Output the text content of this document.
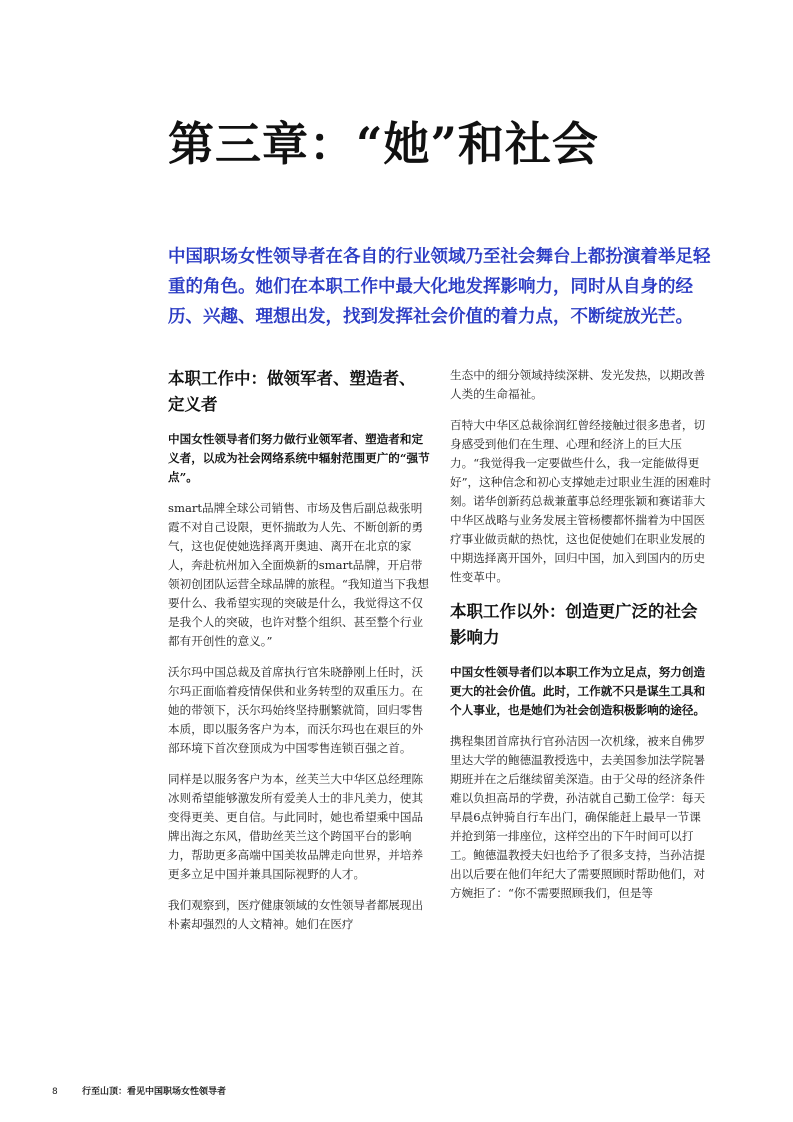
第三章：“她”和社会

中国职场女性领导者在各自的行业领域乃至社会舞台上都扮演着举足轻重的角色。她们在本职工作中最大化地发挥影响力，同时从自身的经历、兴趣、理想出发，找到发挥社会价值的着力点，不断绽放光芒。

本职工作中：做领军者、塑造者、定义者

中国女性领导者们努力做行业领军者、塑造者和定义者，以成为社会网络系统中辐射范围更广的“强节点”。

smart品牌全球公司销售、市场及售后副总裁张明霞不对自己设限，更怀揣敢为人先、不断创新的勇气，这也促使她选择离开奥迪、离开在北京的家人，奔赴杭州加入全面焕新的smart品牌，开启带领初创团队运营全球品牌的旅程。“我知道当下我想要什么、我希望实现的突破是什么，我觉得这不仅是我个人的突破，也许对整个组织、甚至整个行业都有开创性的意义。”

沃尔玛中国总裁及首席执行官朱晓静刚上任时，沃尔玛正面临着疫情保供和业务转型的双重压力。在她的带领下，沃尔玛始终坚持删繁就简，回归零售本质，即以服务客户为本，而沃尔玛也在艰巨的外部环境下首次登顶成为中国零售连锁百强之首。

同样是以服务客户为本，丝芙兰大中华区总经理陈冰则希望能够激发所有爱美人士的非凡美力，使其变得更美、更自信。与此同时，她也希望乘中国品牌出海之东风，借助丝芙兰这个跨国平台的影响力，帮助更多高端中国美妆品牌走向世界，并培养更多立足中国并兼具国际视野的人才。

我们观察到，医疗健康领域的女性领导者都展现出朴素却强烈的人文精神。她们在医疗

生态中的细分领域持续深耕、发光发热，以期改善人类的生命福祉。

百特大中华区总裁徐润红曾经接触过很多患者，切身感受到他们在生理、心理和经济上的巨大压力。“我觉得我一定要做些什么，我一定能做得更好”，这种信念和初心支撑她走过职业生涯的困难时刻。诺华创新药总裁兼董事总经理张颖和赛诺菲大中华区战略与业务发展主管杨樱都怀揣着为中国医疗事业做贡献的热忱，这也促使她们在职业发展的中期选择离开国外，回归中国，加入到国内的历史性变革中。

本职工作以外：创造更广泛的社会影响力

中国女性领导者们以本职工作为立足点，努力创造更大的社会价值。此时，工作就不只是谋生工具和个人事业，也是她们为社会创造积极影响的途径。

携程集团首席执行官孙洁因一次机缘，被来自佛罗里达大学的鲍德温教授选中，去美国参加法学院暑期班并在之后继续留美深造。由于父母的经济条件难以负担高昂的学费，孙洁就自己勤工俭学：每天早晨6点钟骑自行车出门，确保能赶上最早一节课并抢到第一排座位，这样空出的下午时间可以打工。鲍德温教授夫妇也给予了很多支持，当孙洁提出以后要在他们年纪大了需要照顾时帮助他们，对方婉拒了：“你不需要照顾我们，但是等

8	行至山顶：看见中国职场女性领导者
